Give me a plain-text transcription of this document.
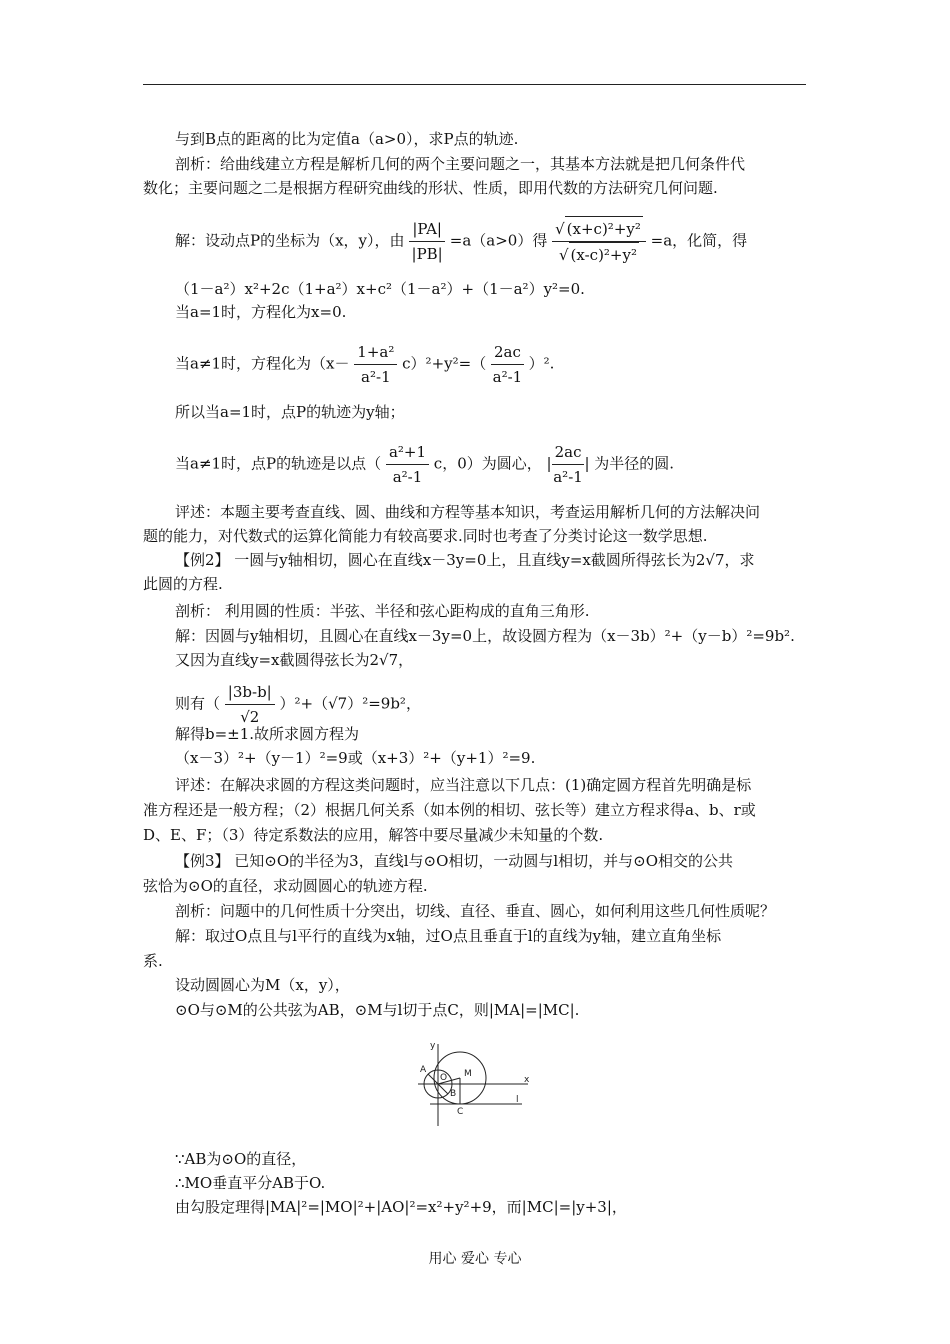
与到B点的距离的比为定值a（a>0），求P点的轨迹.
剖析：给曲线建立方程是解析几何的两个主要问题之一，其基本方法就是把几何条件代
数化；主要问题之二是根据方程研究曲线的形状、性质，即用代数的方法研究几何问题.
解：设动点P的坐标为（x，y），由 $\frac{|PA|}{|PB|} =a(a>0)$得 $\frac{\text{√ (x+c)²+y²}}{\text{√ (x-c)²+y²}} =a$，化简，得
（1－a²）x²+2c（1+a²）x+c²（1－a²）+（1－a²）y²=0.
当a=1时，方程化为x=0.
当a≠1时，方程化为$(x- \frac{\text{1+a²}}{\text{a²-1}} c)^2+y^2=( \frac{2ac}{\text{a²-1}} )^2$.
所以当a=1时，点P的轨迹为y轴；
当a≠1时，点P的轨迹是以点（ $\frac{\text{a²+1}}{\text{a²-1}}$ c，0）为圆心， | $\frac{2ac}{\text{a²-1}}$ | 为半径的圆.
评述：本题主要考查直线、圆、曲线和方程等基本知识，考查运用解析几何的方法解决问
题的能力，对代数式的运算化简能力有较高要求.同时也考查了分类讨论这一数学思想.
【例2】 一圆与y轴相切，圆心在直线x－3y=0上，且直线y=x截圆所得弦长为2√7，求
此圆的方程.
剖析： 利用圆的性质：半弦、半径和弦心距构成的直角三角形.
解：因圆与y轴相切，且圆心在直线x－3y=0上，故设圆方程为（x－3b）²+（y－b）²=9b².
又因为直线y=x截圆得弦长为2√7，
则有（ $\frac{|3b-b|}{√2} )^2+(√7)^2=9b^2$，
解得b=±1.故所求圆方程为
（x－3）²+（y－1）²=9或（x+3）²+（y+1）²=9.
评述：在解决求圆的方程这类问题时，应当注意以下几点：(1)确定圆方程首先明确是标
准方程还是一般方程；（2）根据几何关系（如本例的相切、弦长等）建立方程求得a、b、r或
D、E、F；（3）待定系数法的应用，解答中要尽量减少未知量的个数.
【例3】 已知⊙O的半径为3，直线l与⊙O相切，一动圆与l相切，并与⊙O相交的公共
弦恰为⊙O的直径，求动圆圆心的轨迹方程.
剖析：问题中的几何性质十分突出，切线、直径、垂直、圆心，如何利用这些几何性质呢？
解：取过O点且与l平行的直线为x轴，过O点且垂直于l的直线为y轴，建立直角坐标
系.
设动圆圆心为M（x，y），
⊙O与⊙M的公共弦为AB，⊙M与l切于点C，则|MA|=|MC|.
y
x
A
O M
B
C
l
∵AB为⊙O的直径，
∴MO垂直平分AB于O.
由勾股定理得|MA|²=|MO|²+|AO|²=x²+y²+9，而|MC|=|y+3|，
用心 爱心 专心
